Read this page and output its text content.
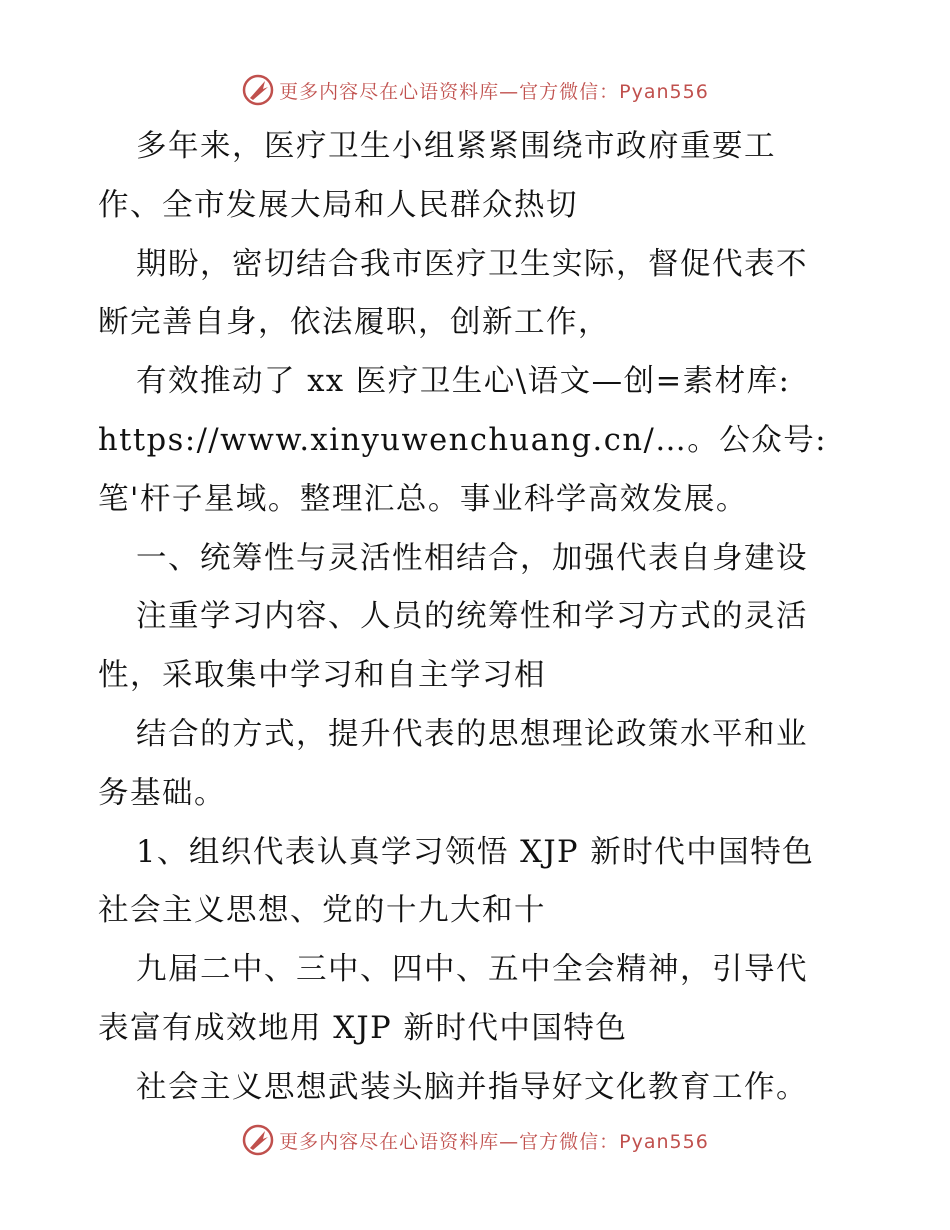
更多内容尽在心语资料库—官方微信：Pyan556
多年来，医疗卫生小组紧紧围绕市政府重要工
作、全市发展大局和人民群众热切
期盼，密切结合我市医疗卫生实际，督促代表不
断完善自身，依法履职，创新工作，
有效推动了 xx 医疗卫生心\语文—创=素材库:
https://www.xinyuwenchuang.cn/…。公众号:
笔'杆子星域。整理汇总。事业科学高效发展。
一、统筹性与灵活性相结合，加强代表自身建设
注重学习内容、人员的统筹性和学习方式的灵活
性，采取集中学习和自主学习相
结合的方式，提升代表的思想理论政策水平和业
务基础。
1、组织代表认真学习领悟 XJP 新时代中国特色
社会主义思想、党的十九大和十
九届二中、三中、四中、五中全会精神，引导代
表富有成效地用 XJP 新时代中国特色
社会主义思想武装头脑并指导好文化教育工作。
更多内容尽在心语资料库—官方微信：Pyan556
